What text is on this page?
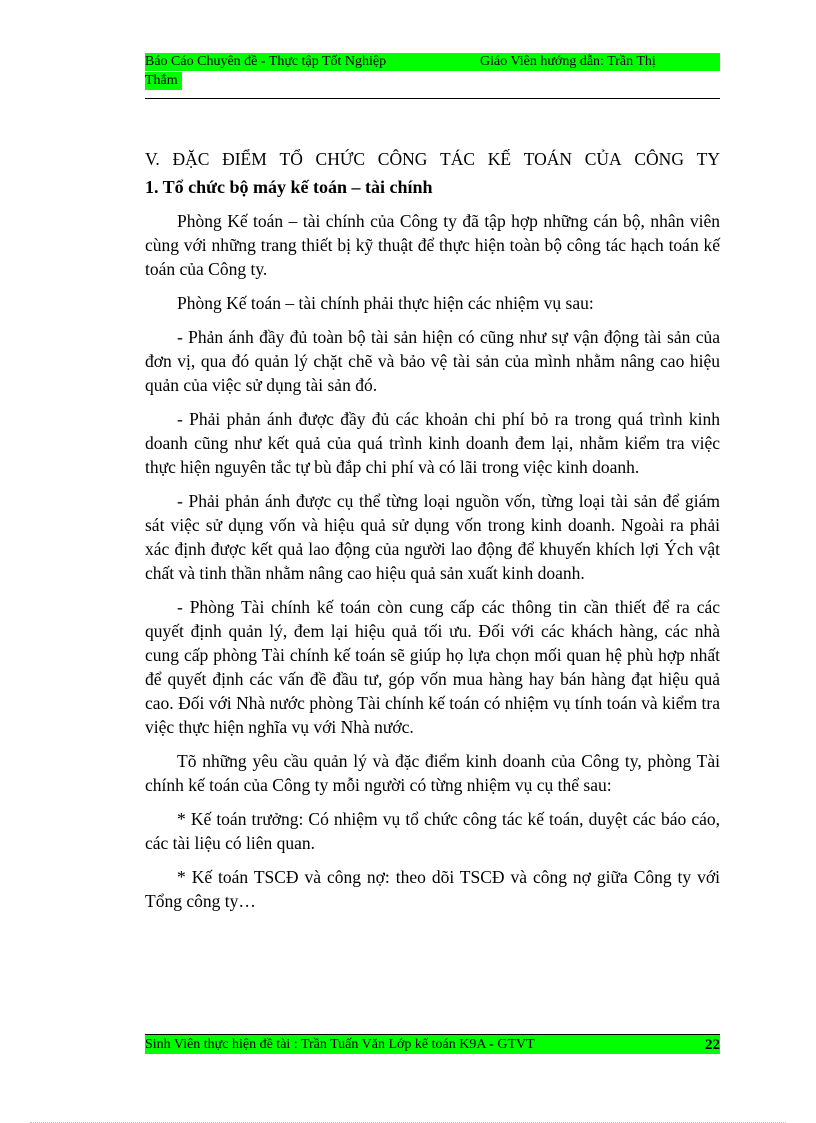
Báo Cáo Chuyên đề - Thực tập Tốt Nghiệp	Giáo Viên hướng dẫn: Trần Thị
Thắm
V. ĐẶC ĐIỂM TỔ CHỨC CÔNG TÁC KẾ TOÁN CỦA CÔNG TY
1. Tổ chức bộ máy kế toán – tài chính

Phòng Kế toán – tài chính của Công ty đã tập hợp những cán bộ, nhân viên cùng với những trang thiết bị kỹ thuật để thực hiện toàn bộ công tác hạch toán kế toán của Công ty.

Phòng Kế toán – tài chính phải thực hiện các nhiệm vụ sau:

- Phản ánh đầy đủ toàn bộ tài sản hiện có cũng như sự vận động tài sản của đơn vị, qua đó quản lý chặt chẽ và bảo vệ tài sản của mình nhằm nâng cao hiệu quản của việc sử dụng tài sản đó.

- Phải phản ánh được đầy đủ các khoản chi phí bỏ ra trong quá trình kinh doanh cũng như kết quả của quá trình kinh doanh đem lại, nhằm kiểm tra việc thực hiện nguyên tắc tự bù đắp chi phí và có lãi trong việc kinh doanh.

- Phải phản ánh được cụ thể từng loại nguồn vốn, từng loại tài sản để giám sát việc sử dụng vốn và hiệu quả sử dụng vốn trong kinh doanh. Ngoài ra phải xác định được kết quả lao động của người lao động để khuyến khích lợi Ých vật chất và tinh thần nhằm nâng cao hiệu quả sản xuất kinh doanh.

- Phòng Tài chính kế toán còn cung cấp các thông tin cần thiết để ra các quyết định quản lý, đem lại hiệu quả tối ưu. Đối với các khách hàng, các nhà cung cấp phòng Tài chính kế toán sẽ giúp họ lựa chọn mối quan hệ phù hợp nhất để quyết định các vấn đề đầu tư, góp vốn mua hàng hay bán hàng đạt hiệu quả cao. Đối với Nhà nước phòng Tài chính kế toán có nhiệm vụ tính toán và kiểm tra việc thực hiện nghĩa vụ với Nhà nước.

Tõ những yêu cầu quản lý và đặc điểm kinh doanh của Công ty, phòng Tài chính kế toán của Công ty mỗi người có từng nhiệm vụ cụ thể sau:

* Kế toán trưởng: Có nhiệm vụ tổ chức công tác kế toán, duyệt các báo cáo, các tài liệu có liên quan.

* Kế toán TSCĐ và công nợ: theo dõi TSCĐ và công nợ giữa Công ty với Tổng công ty…

Sinh Viên thực hiện đề tài : Trần Tuấn Văn Lớp kế toán K9A - GTVT	22
